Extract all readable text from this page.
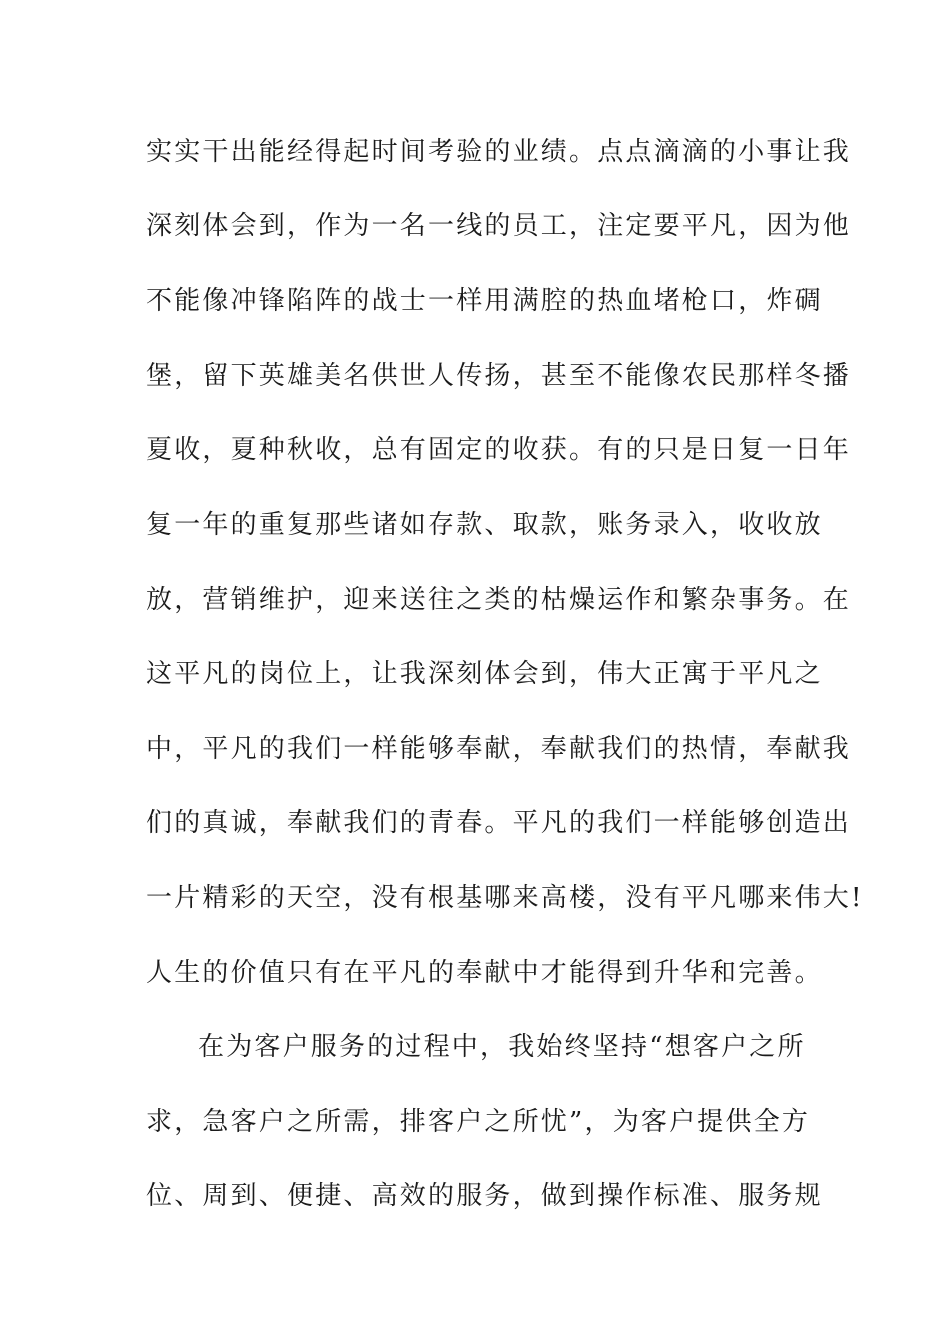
实实干出能经得起时间考验的业绩。点点滴滴的小事让我
深刻体会到，作为一名一线的员工，注定要平凡，因为他
不能像冲锋陷阵的战士一样用满腔的热血堵枪口，炸碉
堡，留下英雄美名供世人传扬，甚至不能像农民那样冬播
夏收，夏种秋收，总有固定的收获。有的只是日复一日年
复一年的重复那些诸如存款、取款，账务录入，收收放
放，营销维护，迎来送往之类的枯燥运作和繁杂事务。在
这平凡的岗位上，让我深刻体会到，伟大正寓于平凡之
中，平凡的我们一样能够奉献，奉献我们的热情，奉献我
们的真诚，奉献我们的青春。平凡的我们一样能够创造出
一片精彩的天空，没有根基哪来高楼，没有平凡哪来伟大!
人生的价值只有在平凡的奉献中才能得到升华和完善。
在为客户服务的过程中，我始终坚持“想客户之所
求，急客户之所需，排客户之所忧”，为客户提供全方
位、周到、便捷、高效的服务，做到操作标准、服务规
